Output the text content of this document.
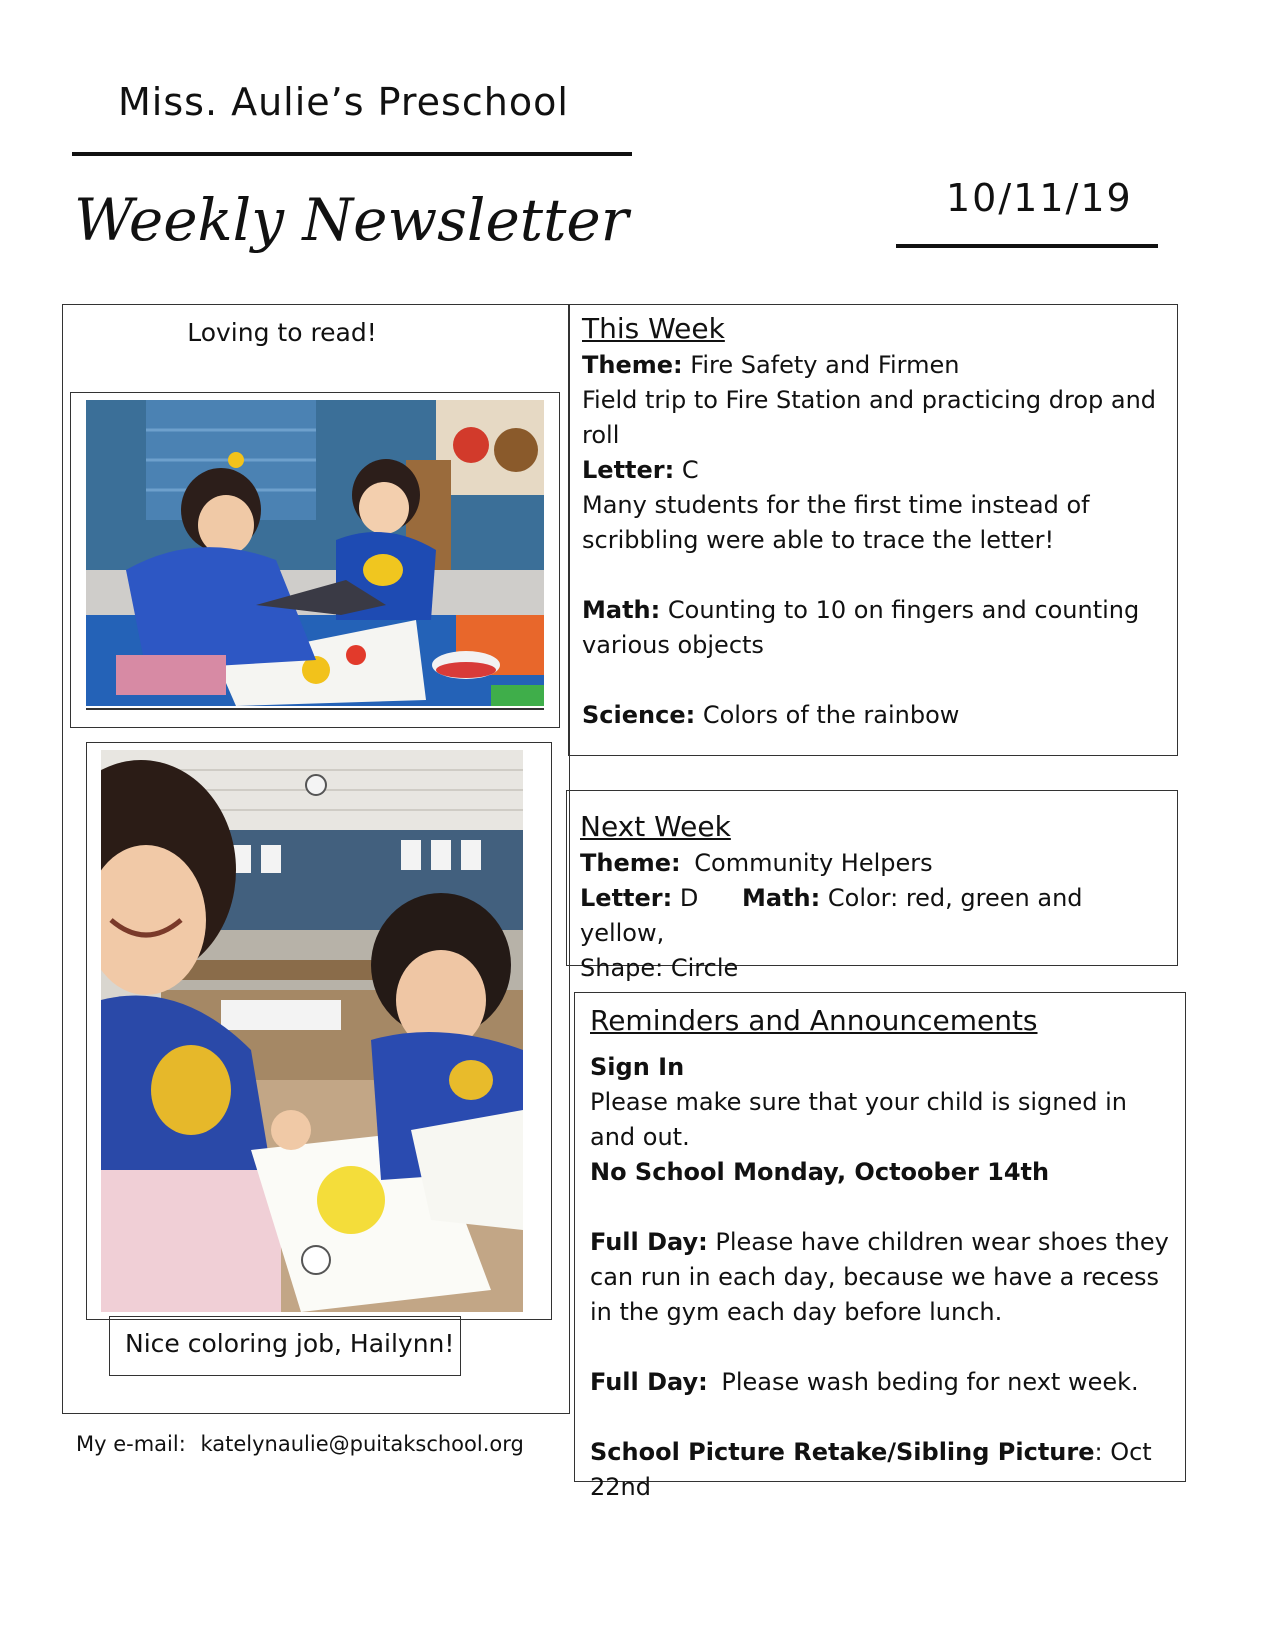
Miss. Aulie’s Preschool
Weekly Newsletter	10/11/19
Loving to read!
Nice coloring job, Hailynn!
My e-mail: katelynaulie@puitakschool.org
This Week
Theme: Fire Safety and Firmen
Field trip to Fire Station and practicing drop and roll
Letter: C
Many students for the first time instead of scribbling were able to trace the letter!
Math: Counting to 10 on fingers and counting various objects
Science: Colors of the rainbow
Next Week
Theme: Community Helpers
Letter: D Math: Color: red, green and yellow,
Shape: Circle
Reminders and Announcements
Sign In
Please make sure that your child is signed in and out.
No School Monday, Octoober 14th
Full Day: Please have children wear shoes they can run in each day, because we have a recess in the gym each day before lunch.
Full Day: Please wash beding for next week.
School Picture Retake/Sibling Picture: Oct 22nd
